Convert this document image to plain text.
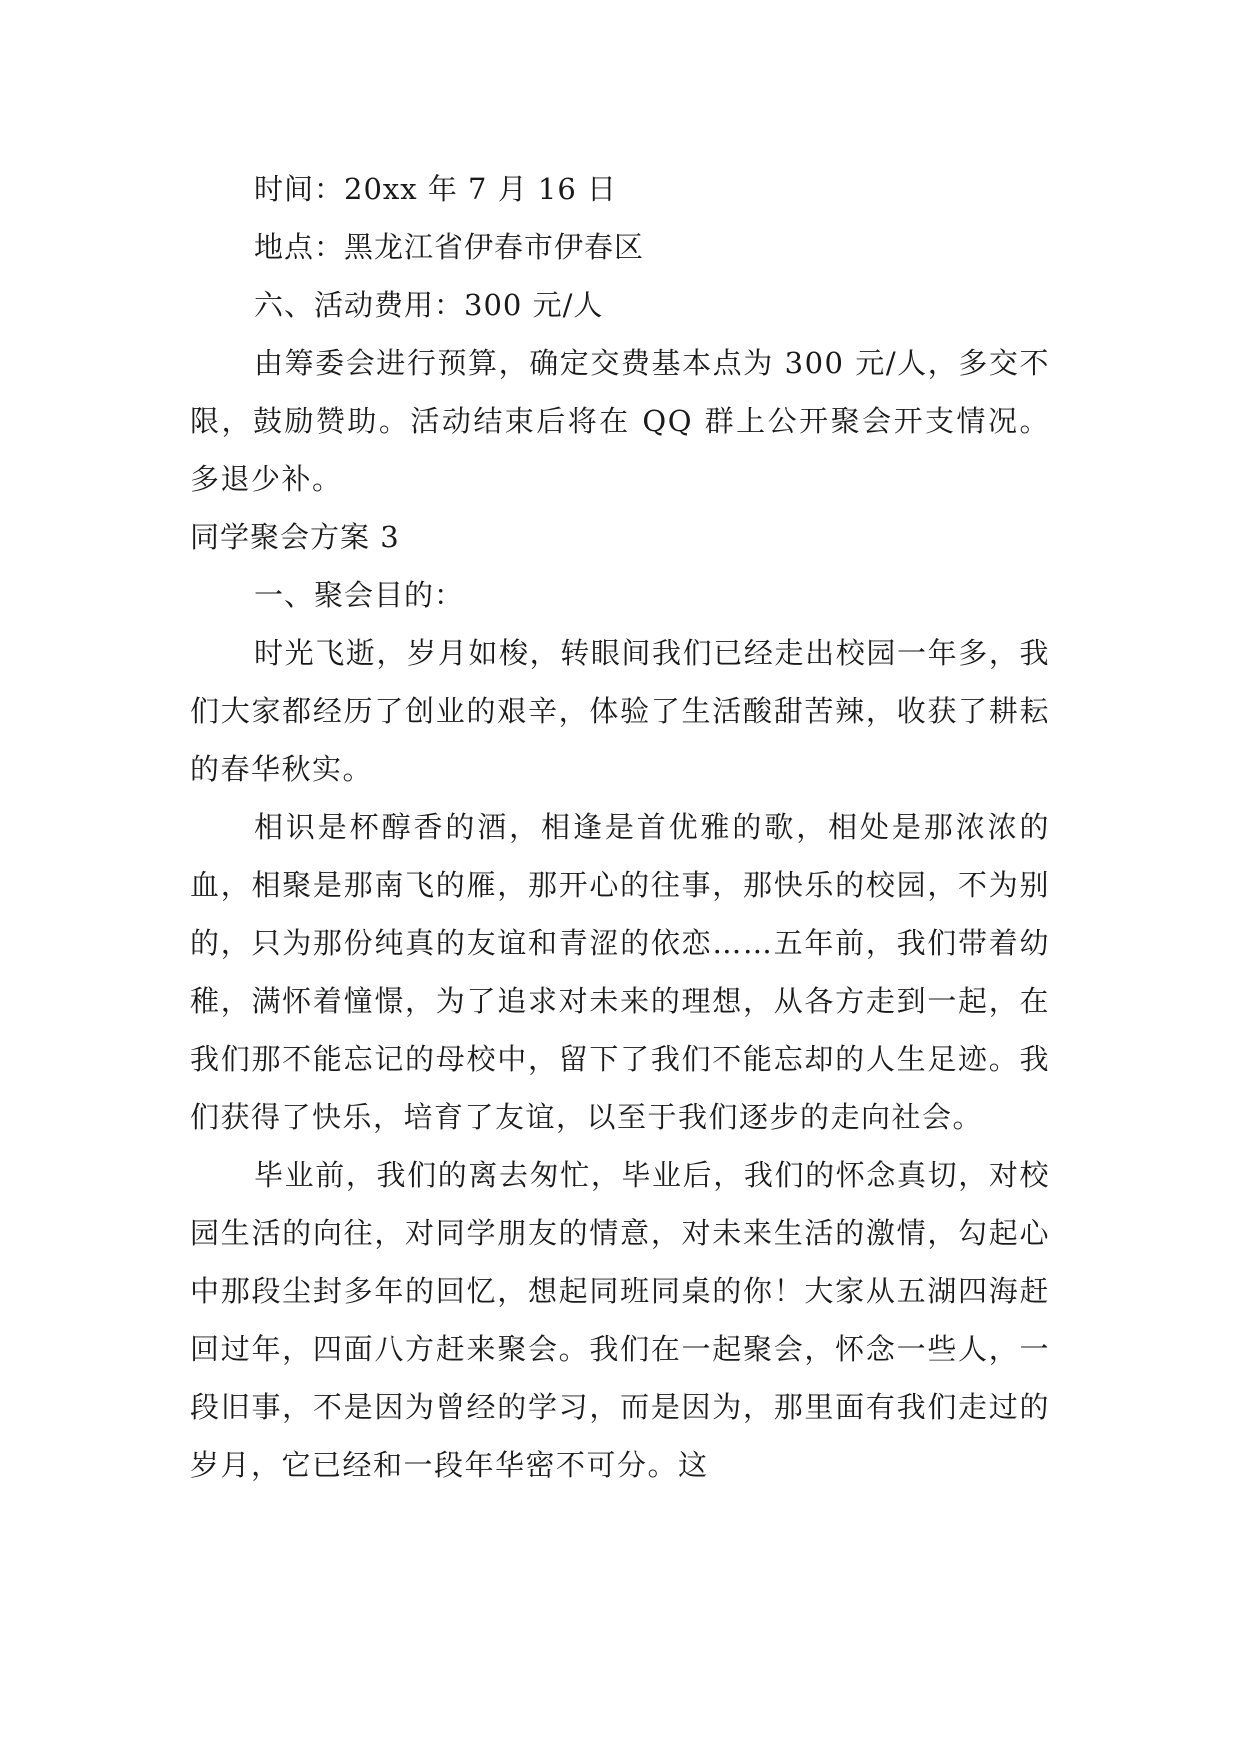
时间：20xx 年 7 月 16 日
地点：黑龙江省伊春市伊春区
六、活动费用：300 元/人

由筹委会进行预算，确定交费基本点为 300 元/人，多交不限，鼓励赞助。活动结束后将在 QQ 群上公开聚会开支情况。多退少补。

同学聚会方案 3
一、聚会目的：

时光飞逝，岁月如梭，转眼间我们已经走出校园一年多，我们大家都经历了创业的艰辛，体验了生活酸甜苦辣，收获了耕耘的春华秋实。

相识是杯醇香的酒，相逢是首优雅的歌，相处是那浓浓的血，相聚是那南飞的雁，那开心的往事，那快乐的校园，不为别的，只为那份纯真的友谊和青涩的依恋……五年前，我们带着幼稚，满怀着憧憬，为了追求对未来的理想，从各方走到一起，在我们那不能忘记的母校中，留下了我们不能忘却的人生足迹。我们获得了快乐，培育了友谊，以至于我们逐步的走向社会。

毕业前，我们的离去匆忙，毕业后，我们的怀念真切，对校园生活的向往，对同学朋友的情意，对未来生活的激情，勾起心中那段尘封多年的回忆，想起同班同桌的你！大家从五湖四海赶回过年，四面八方赶来聚会。我们在一起聚会，怀念一些人，一段旧事，不是因为曾经的学习，而是因为，那里面有我们走过的岁月，它已经和一段年华密不可分。这
